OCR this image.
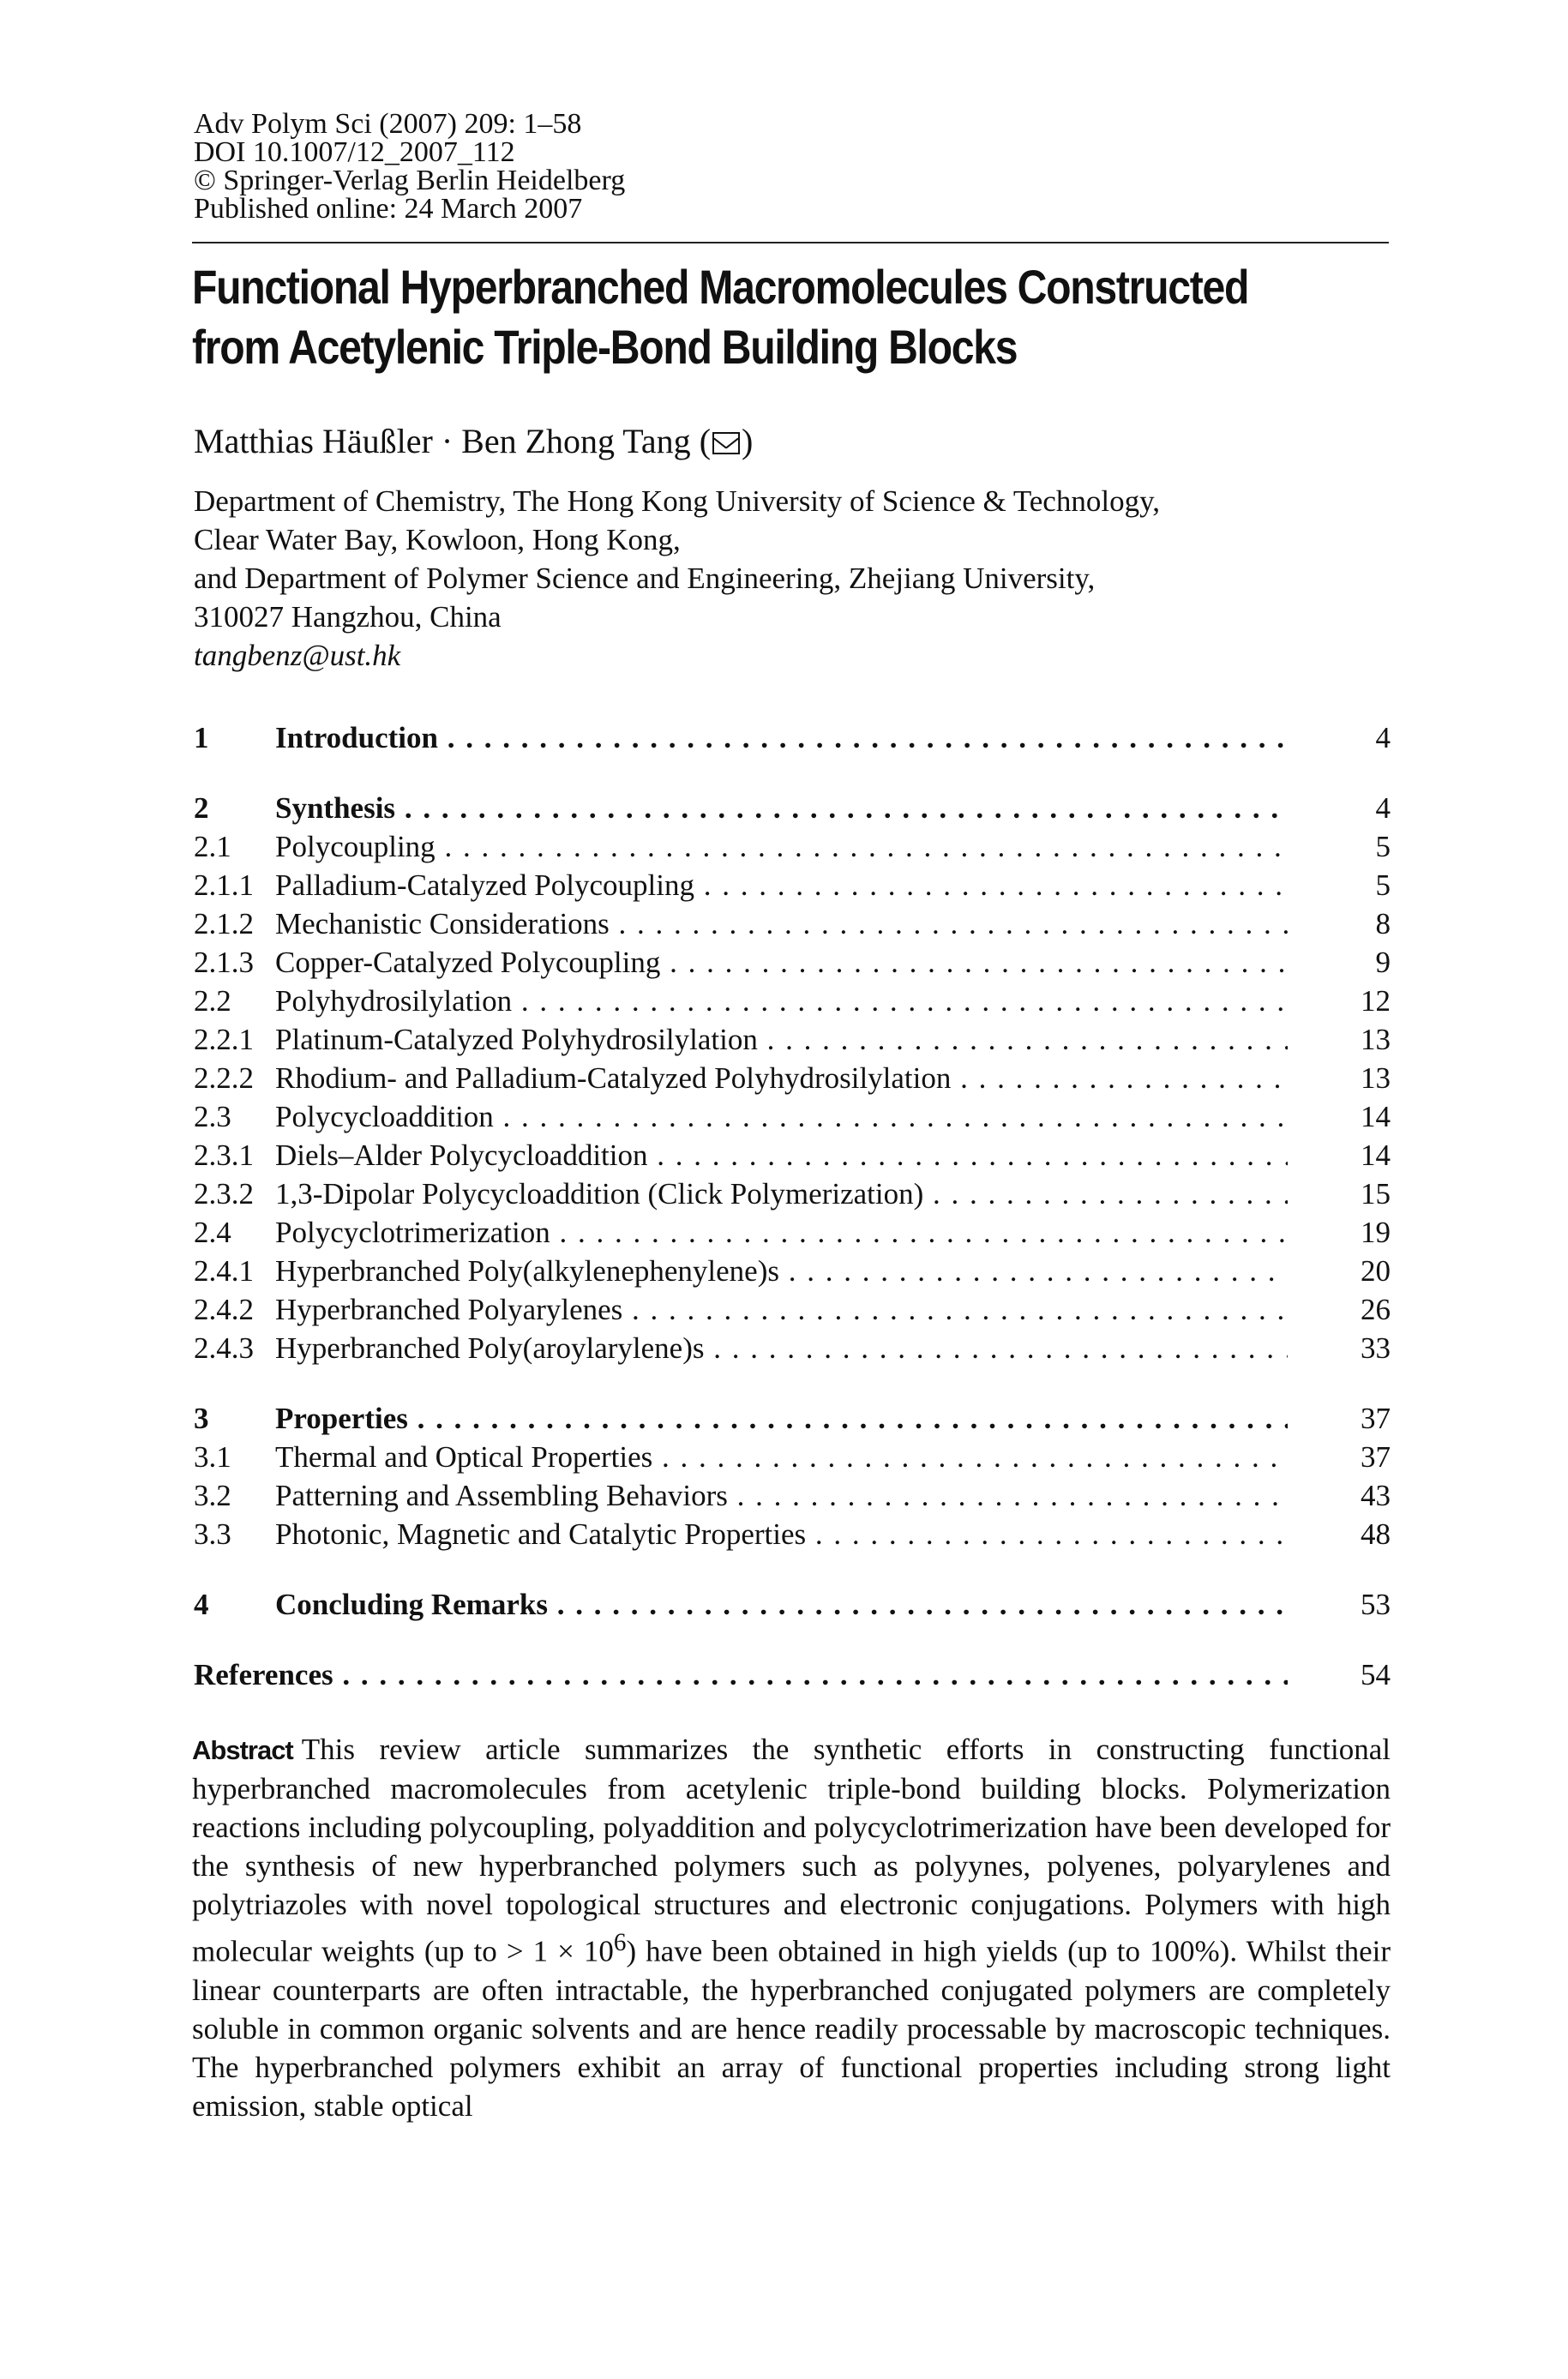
Adv Polym Sci (2007) 209: 1–58
DOI 10.1007/12_2007_112
© Springer-Verlag Berlin Heidelberg
Published online: 24 March 2007
Functional Hyperbranched Macromolecules Constructed
from Acetylenic Triple-Bond Building Blocks
Matthias Häußler · Ben Zhong Tang ( )
Department of Chemistry, The Hong Kong University of Science & Technology,
Clear Water Bay, Kowloon, Hong Kong,
and Department of Polymer Science and Engineering, Zhejiang University,
310027 Hangzhou, China
tangbenz@ust.hk
1 Introduction . . .	4
2 Synthesis . . .	4
2.1 Polycoupling . . .	5
2.1.1 Palladium-Catalyzed Polycoupling . . .	5
2.1.2 Mechanistic Considerations . . .	8
2.1.3 Copper-Catalyzed Polycoupling . . .	9
2.2 Polyhydrosilylation . . .	12
2.2.1 Platinum-Catalyzed Polyhydrosilylation . . .	13
2.2.2 Rhodium- and Palladium-Catalyzed Polyhydrosilylation . . .	13
2.3 Polycycloaddition . . .	14
2.3.1 Diels–Alder Polycycloaddition . . .	14
2.3.2 1,3-Dipolar Polycycloaddition (Click Polymerization) . . .	15
2.4 Polycyclotrimerization . . .	19
2.4.1 Hyperbranched Poly(alkylenephenylene)s . . .	20
2.4.2 Hyperbranched Polyarylenes . . .	26
2.4.3 Hyperbranched Poly(aroylarylene)s . . .	33
3 Properties . . .	37
3.1 Thermal and Optical Properties . . .	37
3.2 Patterning and Assembling Behaviors . . .	43
3.3 Photonic, Magnetic and Catalytic Properties . . .	48
4 Concluding Remarks . . .	53
References . . .	54
Abstract This review article summarizes the synthetic efforts in constructing functional hyperbranched macromolecules from acetylenic triple-bond building blocks. Polymerization reactions including polycoupling, polyaddition and polycyclotrimerization have been developed for the synthesis of new hyperbranched polymers such as polyynes, polyenes, polyarylenes and polytriazoles with novel topological structures and electronic conjugations. Polymers with high molecular weights (up to > $1 \times 10^6$) have been obtained in high yields (up to 100%). Whilst their linear counterparts are often intractable, the hyperbranched conjugated polymers are completely soluble in common organic solvents and are hence readily processable by macroscopic techniques. The hyperbranched polymers exhibit an array of functional properties including strong light emission, stable optical
